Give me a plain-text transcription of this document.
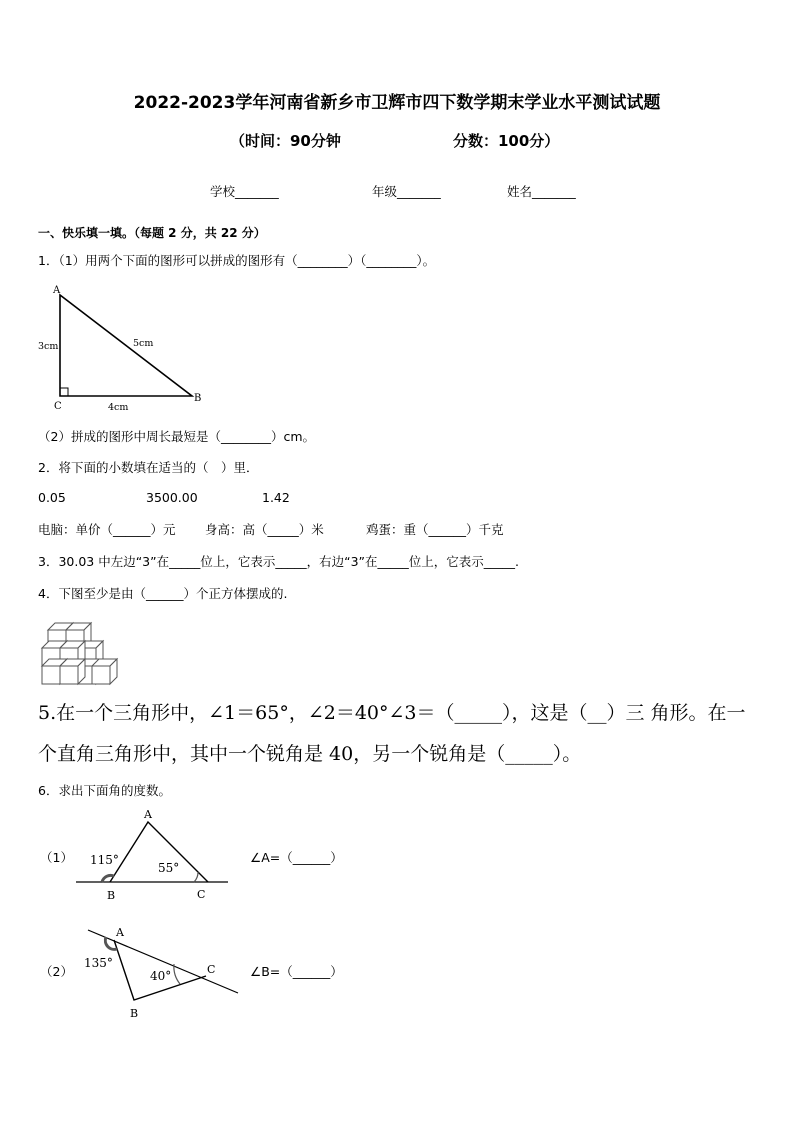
2022-2023学年河南省新乡市卫辉市四下数学期末学业水平测试试题
（时间：90分钟	分数：100分）
学校_______	年级_______	姓名_______
一、快乐填一填。（每题 2 分，共 22 分）
1．（1）用两个下面的图形可以拼成的图形有（________）（________）。
A
B
C
3cm	5cm
4cm
（2）拼成的图形中周长最短是（________）cm。
2．将下面的小数填在适当的（　）里．
0.05	3500.00	1.42
电脑：单价（______）元 身高：高（_____）米	鸡蛋：重（______）千克
3．30.03 中左边“3”在_____位上，它表示_____，右边“3”在_____位上，它表示_____.
4．下图至少是由（______）个正方体摆成的.
5.在一个三角形中，∠1＝65°，∠2＝40°∠3＝（_____），这是（__）三 角形。在一
个直角三角形中，其中一个锐角是 40，另一个锐角是（_____）。
6．求出下面角的度数。
（1）
A
B	C
115°
55°
∠A=（______）
（2）
A
B
C
135°
40°	∠B=（______）
